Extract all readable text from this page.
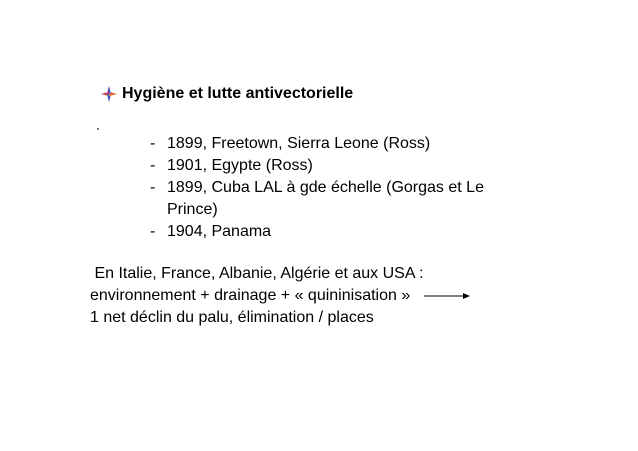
Hygiène et lutte antivectorielle
-1899, Freetown, Sierra Leone (Ross)
-1901, Egypte (Ross)
-1899, Cuba LAL à gde échelle (Gorgas et Le
Prince)
-1904, Panama
En Italie, France, Albanie, Algérie et aux USA :
environnement + drainage + « quininisation »
1 net déclin du palu, élimination / places
